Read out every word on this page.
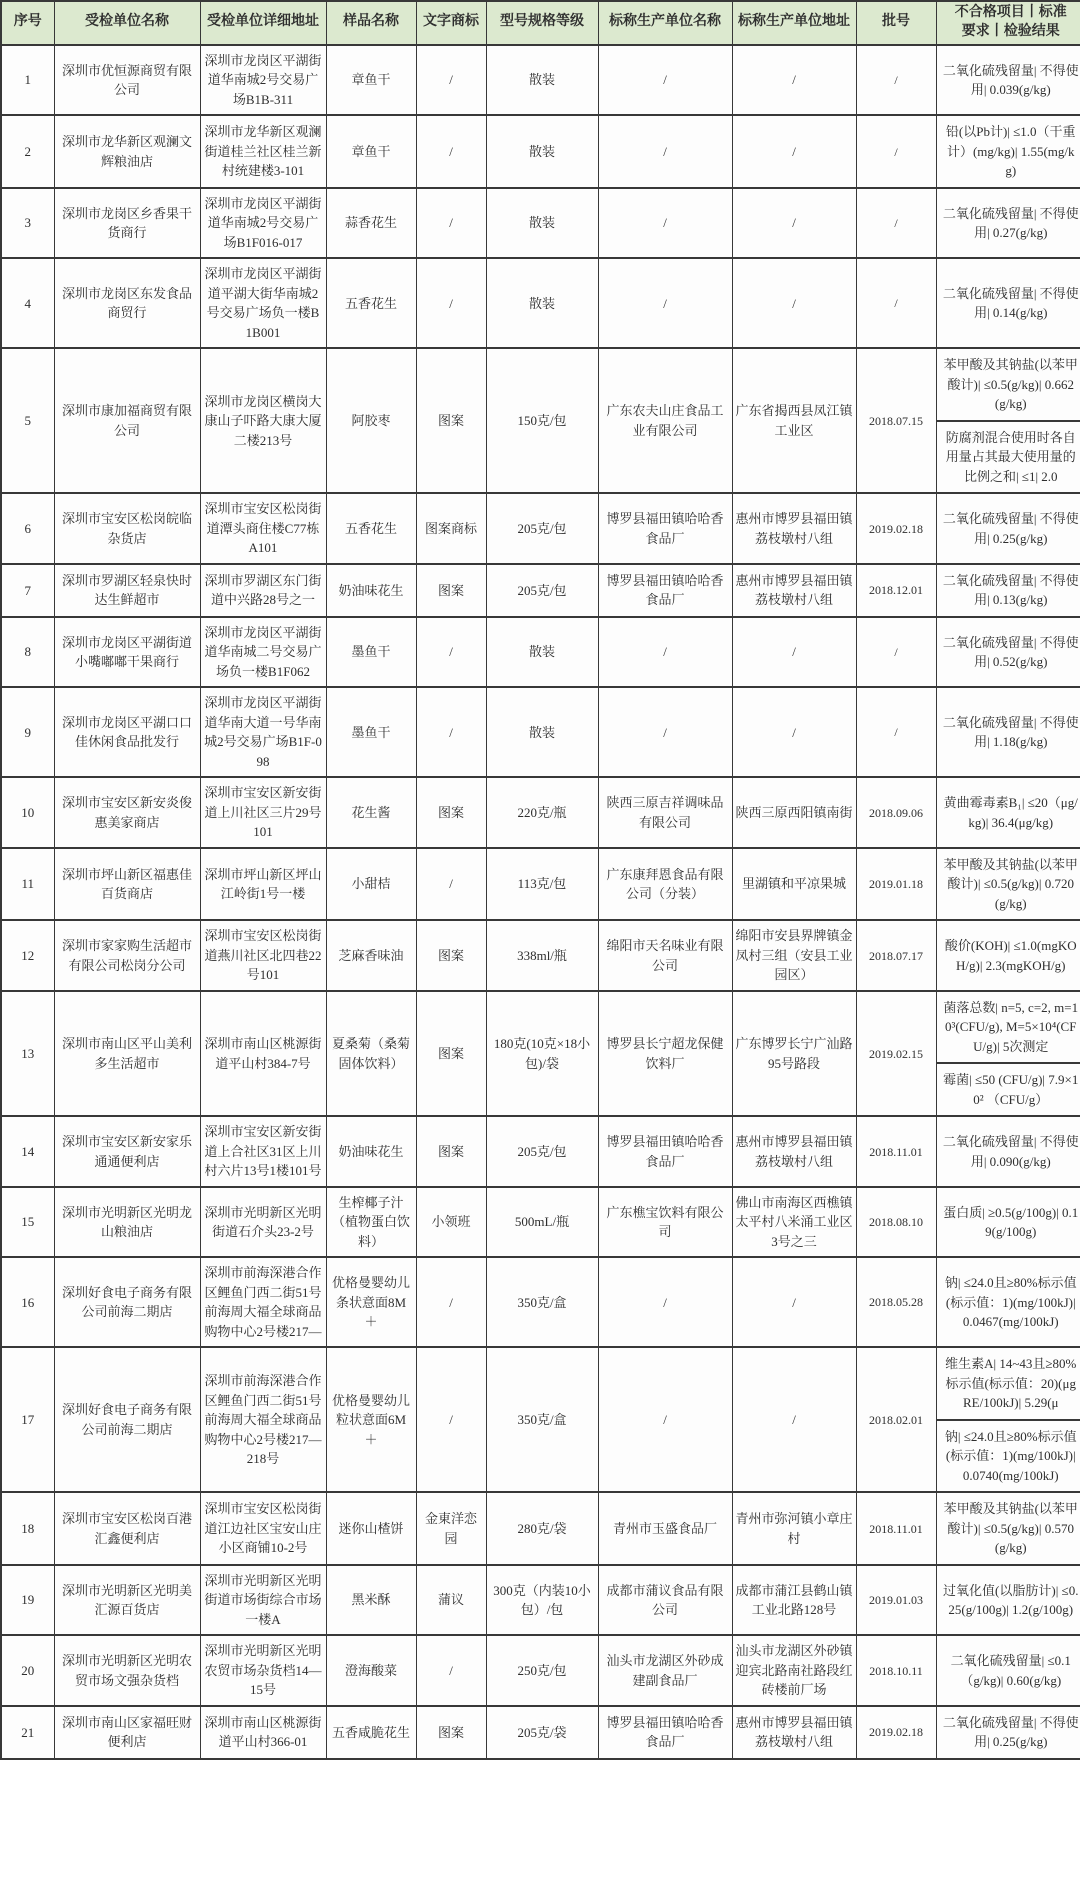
序号	受检单位名称	受检单位详细地址	样品名称	文字商标	型号规格等级	标称生产单位名称	标称生产单位地址	批号	不合格项目丨标准要求丨检验结果
1	深圳市优恒源商贸有限公司	深圳市龙岗区平湖街道华南城2号交易广场B1B-311	章鱼干	/	散装	/	/	/	二氧化硫残留量| 不得使用| 0.039(g/kg)

2	深圳市龙华新区观澜文辉粮油店	深圳市龙华新区观澜街道桂兰社区桂兰新村统建楼3-101	章鱼干	/	散装	/	/	/	铅(以Pb计)| ≤1.0（干重计）(mg/kg)| 1.55(mg/kg)

3	深圳市龙岗区乡香果干货商行	深圳市龙岗区平湖街道华南城2号交易广场B1F016-017	蒜香花生	/	散装	/	/	/	二氧化硫残留量| 不得使用| 0.27(g/kg)

4	深圳市龙岗区东发食品商贸行	深圳市龙岗区平湖街道平湖大街华南城2号交易广场负一楼B1B001	五香花生	/	散装	/	/	/	二氧化硫残留量| 不得使用| 0.14(g/kg)

5	深圳市康加福商贸有限公司	深圳市龙岗区横岗大康山子吓路大康大厦二楼213号	阿胶枣	图案	150克/包	广东农夫山庄食品工业有限公司	广东省揭西县凤江镇工业区	2018.07.15	苯甲酸及其钠盐(以苯甲酸计)| ≤0.5(g/kg)| 0.662(g/kg)
防腐剂混合使用时各自用量占其最大使用量的比例之和| ≤1| 2.0

6	深圳市宝安区松岗皖临杂货店	深圳市宝安区松岗街道潭头商住楼C77栋A101	五香花生	图案商标	205克/包	博罗县福田镇哈哈香食品厂	惠州市博罗县福田镇荔枝墩村八组	2019.02.18	二氧化硫残留量| 不得使用| 0.25(g/kg)

7	深圳市罗湖区轻泉快时达生鲜超市	深圳市罗湖区东门街道中兴路28号之一	奶油味花生	图案	205克/包	博罗县福田镇哈哈香食品厂	惠州市博罗县福田镇荔枝墩村八组	2018.12.01	二氧化硫残留量| 不得使用| 0.13(g/kg)

8	深圳市龙岗区平湖街道小嘴嘟嘟干果商行	深圳市龙岗区平湖街道华南城二号交易广场负一楼B1F062	墨鱼干	/	散装	/	/	/	二氧化硫残留量| 不得使用| 0.52(g/kg)

9	深圳市龙岗区平湖口口佳休闲食品批发行	深圳市龙岗区平湖街道华南大道一号华南城2号交易广场B1F-098	墨鱼干	/	散装	/	/	/	二氧化硫残留量| 不得使用| 1.18(g/kg)

10	深圳市宝安区新安炎俊惠美家商店	深圳市宝安区新安街道上川社区三片29号101	花生酱	图案	220克/瓶	陕西三原吉祥调味品有限公司	陕西三原西阳镇南街	2018.09.06	黄曲霉毒素B₁| ≤20（μg/kg)| 36.4(μg/kg)

11	深圳市坪山新区福惠佳百货商店	深圳市坪山新区坪山江岭街1号一楼	小甜桔	/	113克/包	广东康拜恩食品有限公司（分装）	里湖镇和平凉果城	2019.01.18	苯甲酸及其钠盐(以苯甲酸计)| ≤0.5(g/kg)| 0.720(g/kg)

12	深圳市家家购生活超市有限公司松岗分公司	深圳市宝安区松岗街道燕川社区北四巷22号101	芝麻香味油	图案	338ml/瓶	绵阳市天名味业有限公司	绵阳市安县界牌镇金凤村三组（安县工业园区）	2018.07.17	酸价(KOH)| ≤1.0(mgKOH/g)| 2.3(mgKOH/g)

13	深圳市南山区平山美利多生活超市	深圳市南山区桃源街道平山村384-7号	夏桑菊（桑菊固体饮料）	图案	180克(10克×18小包)/袋	博罗县长宁超龙保健饮料厂	广东博罗长宁广汕路95号路段	2019.02.15	菌落总数| n=5, c=2, m=10³(CFU/g), M=5×10⁴(CFU/g)| 5次测定
霉菌| ≤50 (CFU/g)| 7.9×10² （CFU/g）

14	深圳市宝安区新安家乐通通便利店	深圳市宝安区新安街道上合社区31区上川村六片13号1楼101号	奶油味花生	图案	205克/包	博罗县福田镇哈哈香食品厂	惠州市博罗县福田镇荔枝墩村八组	2018.11.01	二氧化硫残留量| 不得使用| 0.090(g/kg)

15	深圳市光明新区光明龙山粮油店	深圳市光明新区光明街道石介头23-2号	生榨椰子汁（植物蛋白饮料）	小领班	500mL/瓶	广东樵宝饮料有限公司	佛山市南海区西樵镇太平村八米涌工业区3号之三	2018.08.10	蛋白质| ≥0.5(g/100g)| 0.19(g/100g)

16	深圳好食电子商务有限公司前海二期店	深圳市前海深港合作区鲤鱼门西二街51号前海周大福全球商品购物中心2号楼217—	优格曼婴幼儿条状意面8M＋	/	350克/盒	/	/	2018.05.28	钠| ≤24.0且≥80%标示值(标示值：1)(mg/100kJ)| 0.0467(mg/100kJ)

17	深圳好食电子商务有限公司前海二期店	深圳市前海深港合作区鲤鱼门西二街51号前海周大福全球商品购物中心2号楼217—218号	优格曼婴幼儿粒状意面6M＋	/	350克/盒	/	/	2018.02.01	维生素A| 14~43且≥80%标示值(标示值：20)(μgRE/100kJ)| 5.29(μ
钠| ≤24.0且≥80%标示值(标示值：1)(mg/100kJ)| 0.0740(mg/100kJ)

18	深圳市宝安区松岗百港汇鑫便利店	深圳市宝安区松岗街道江边社区宝安山庄小区商铺10-2号	迷你山楂饼	金東洋恋园	280克/袋	青州市玉盛食品厂	青州市弥河镇小章庄村	2018.11.01	苯甲酸及其钠盐(以苯甲酸计)| ≤0.5(g/kg)| 0.570(g/kg)

19	深圳市光明新区光明美汇源百货店	深圳市光明新区光明街道市场街综合市场一楼A	黑米酥	蒲议	300克（内装10小包）/包	成都市蒲议食品有限公司	成都市蒲江县鹤山镇工业北路128号	2019.01.03	过氧化值(以脂肪计)| ≤0.25(g/100g)| 1.2(g/100g)

20	深圳市光明新区光明农贸市场文强杂货档	深圳市光明新区光明农贸市场杂货档14—15号	澄海酸菜	/	250克/包	汕头市龙湖区外砂成建副食品厂	汕头市龙湖区外砂镇迎宾北路南社路段红砖楼前厂场	2018.10.11	二氧化硫残留量| ≤0.1（g/kg)| 0.60(g/kg)

21	深圳市南山区家福旺财便利店	深圳市南山区桃源街道平山村366-01	五香咸脆花生	图案	205克/袋	博罗县福田镇哈哈香食品厂	惠州市博罗县福田镇荔枝墩村八组	2019.02.18	二氧化硫残留量| 不得使用| 0.25(g/kg)
